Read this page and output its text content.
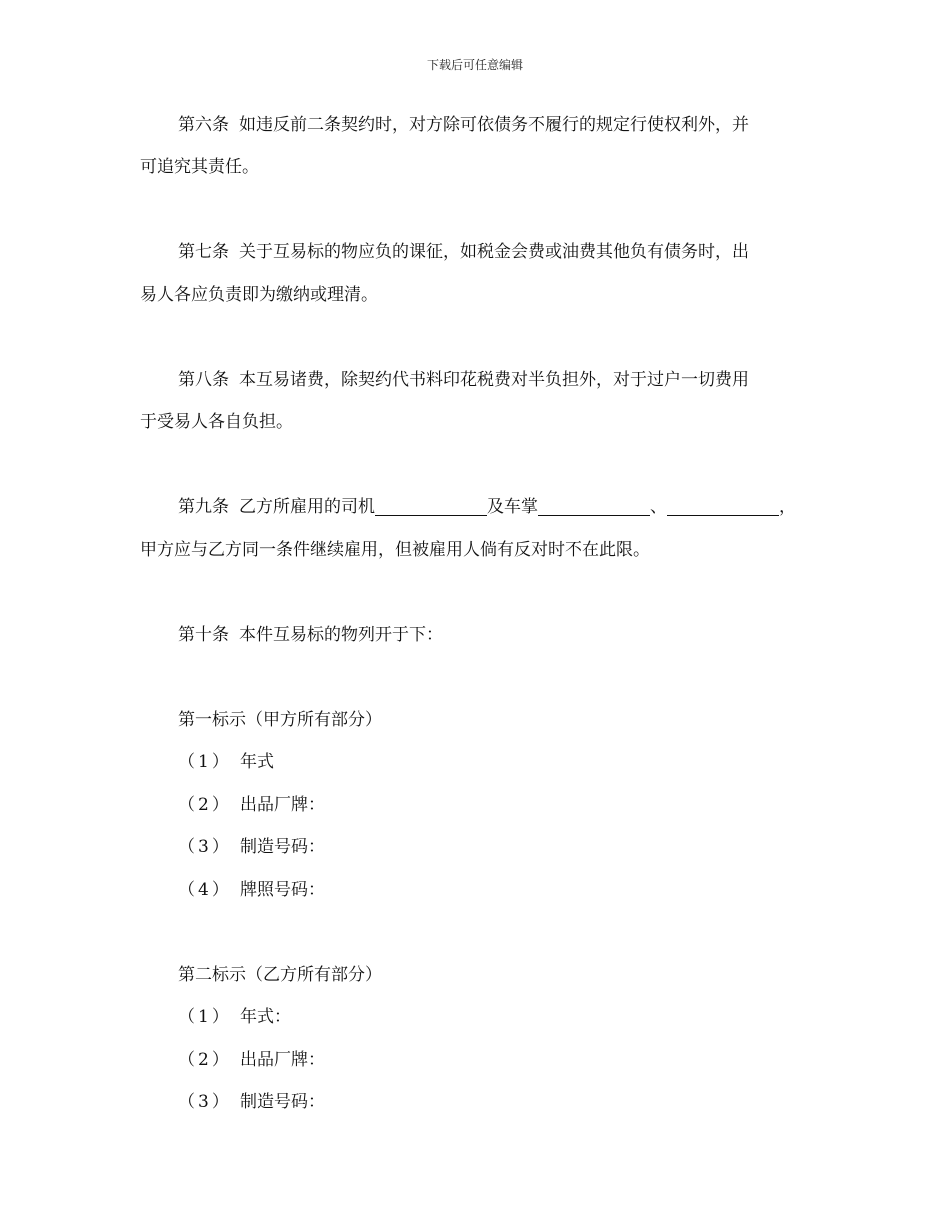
下载后可任意编辑
第六条 如违反前二条契约时，对方除可依债务不履行的规定行使权利外，并
可追究其责任。
第七条 关于互易标的物应负的课征，如税金会费或油费其他负有债务时，出
易人各应负责即为缴纳或理清。
第八条 本互易诸费，除契约代书料印花税费对半负担外，对于过户一切费用
于受易人各自负担。
第九条 乙方所雇用的司机	及车掌	、	，
甲方应与乙方同一条件继续雇用，但被雇用人倘有反对时不在此限。
第十条 本件互易标的物列开于下：
第一标示（甲方所有部分）
（1） 年式
（2） 出品厂牌：
（3） 制造号码：
（4） 牌照号码：
第二标示（乙方所有部分）
（1） 年式：
（2） 出品厂牌：
（3） 制造号码：
